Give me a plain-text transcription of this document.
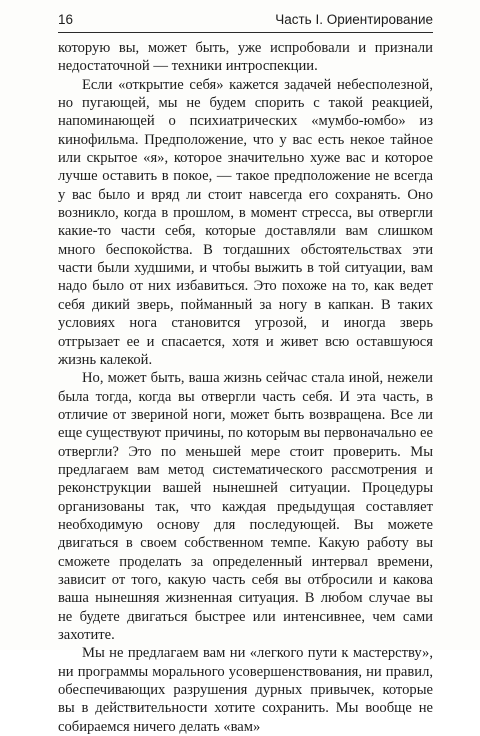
16	Часть I. Ориентирование

которую вы, может быть, уже испробовали и признали недостаточной — техники интроспекции.

Если «открытие себя» кажется задачей небесполезной, но пугающей, мы не будем спорить с такой реакцией, напоминающей о психиатрических «мумбо-юмбо» из кинофильма. Предположение, что у вас есть некое тайное или скрытое «я», которое значительно хуже вас и которое лучше оставить в покое, — такое предположение не всегда у вас было и вряд ли стоит навсегда его сохранять. Оно возникло, когда в прошлом, в момент стресса, вы отвергли какие-то части себя, которые доставляли вам слишком много беспокойства. В тогдашних обстоятельствах эти части были худшими, и чтобы выжить в той ситуации, вам надо было от них избавиться. Это похоже на то, как ведет себя дикий зверь, пойманный за ногу в капкан. В таких условиях нога становится угрозой, и иногда зверь отгрызает ее и спасается, хотя и живет всю оставшуюся жизнь калекой.

Но, может быть, ваша жизнь сейчас стала иной, нежели была тогда, когда вы отвергли часть себя. И эта часть, в отличие от звериной ноги, может быть возвращена. Все ли еще существуют причины, по которым вы первоначально ее отвергли? Это по меньшей мере стоит проверить. Мы предлагаем вам метод систематического рассмотрения и реконструкции вашей нынешней ситуации. Процедуры организованы так, что каждая предыдущая составляет необходимую основу для последующей. Вы можете двигаться в своем собственном темпе. Какую работу вы сможете проделать за определенный интервал времени, зависит от того, какую часть себя вы отбросили и какова ваша нынешняя жизненная ситуация. В любом случае вы не будете двигаться быстрее или интенсивнее, чем сами захотите.

Мы не предлагаем вам ни «легкого пути к мастерству», ни программы морального усовершенствования, ни правил, обеспечивающих разрушения дурных привычек, которые вы в действительности хотите сохранить. Мы вообще не собираемся ничего делать «вам»
